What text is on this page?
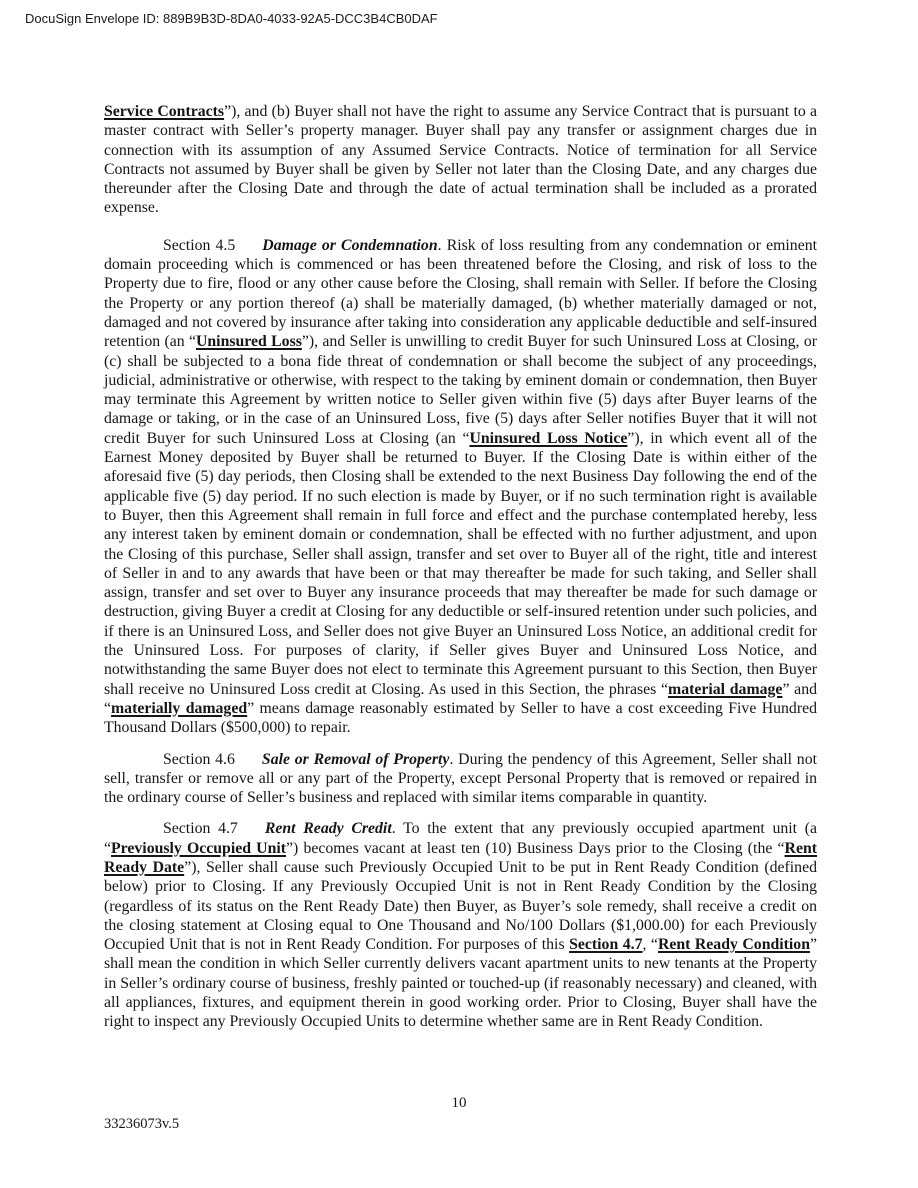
DocuSign Envelope ID: 889B9B3D-8DA0-4033-92A5-DCC3B4CB0DAF

Service Contracts”), and (b) Buyer shall not have the right to assume any Service Contract that is pursuant to a master contract with Seller’s property manager. Buyer shall pay any transfer or assignment charges due in connection with its assumption of any Assumed Service Contracts. Notice of termination for all Service Contracts not assumed by Buyer shall be given by Seller not later than the Closing Date, and any charges due thereunder after the Closing Date and through the date of actual termination shall be included as a prorated expense.

Section 4.5 Damage or Condemnation. Risk of loss resulting from any condemnation or eminent domain proceeding which is commenced or has been threatened before the Closing, and risk of loss to the Property due to fire, flood or any other cause before the Closing, shall remain with Seller. If before the Closing the Property or any portion thereof (a) shall be materially damaged, (b) whether materially damaged or not, damaged and not covered by insurance after taking into consideration any applicable deductible and self-insured retention (an “Uninsured Loss”), and Seller is unwilling to credit Buyer for such Uninsured Loss at Closing, or (c) shall be subjected to a bona fide threat of condemnation or shall become the subject of any proceedings, judicial, administrative or otherwise, with respect to the taking by eminent domain or condemnation, then Buyer may terminate this Agreement by written notice to Seller given within five (5) days after Buyer learns of the damage or taking, or in the case of an Uninsured Loss, five (5) days after Seller notifies Buyer that it will not credit Buyer for such Uninsured Loss at Closing (an “Uninsured Loss Notice”), in which event all of the Earnest Money deposited by Buyer shall be returned to Buyer. If the Closing Date is within either of the aforesaid five (5) day periods, then Closing shall be extended to the next Business Day following the end of the applicable five (5) day period. If no such election is made by Buyer, or if no such termination right is available to Buyer, then this Agreement shall remain in full force and effect and the purchase contemplated hereby, less any interest taken by eminent domain or condemnation, shall be effected with no further adjustment, and upon the Closing of this purchase, Seller shall assign, transfer and set over to Buyer all of the right, title and interest of Seller in and to any awards that have been or that may thereafter be made for such taking, and Seller shall assign, transfer and set over to Buyer any insurance proceeds that may thereafter be made for such damage or destruction, giving Buyer a credit at Closing for any deductible or self-insured retention under such policies, and if there is an Uninsured Loss, and Seller does not give Buyer an Uninsured Loss Notice, an additional credit for the Uninsured Loss. For purposes of clarity, if Seller gives Buyer and Uninsured Loss Notice, and notwithstanding the same Buyer does not elect to terminate this Agreement pursuant to this Section, then Buyer shall receive no Uninsured Loss credit at Closing. As used in this Section, the phrases “material damage” and “materially damaged” means damage reasonably estimated by Seller to have a cost exceeding Five Hundred Thousand Dollars ($500,000) to repair.

Section 4.6 Sale or Removal of Property. During the pendency of this Agreement, Seller shall not sell, transfer or remove all or any part of the Property, except Personal Property that is removed or repaired in the ordinary course of Seller’s business and replaced with similar items comparable in quantity.

Section 4.7 Rent Ready Credit. To the extent that any previously occupied apartment unit (a “Previously Occupied Unit”) becomes vacant at least ten (10) Business Days prior to the Closing (the “Rent Ready Date”), Seller shall cause such Previously Occupied Unit to be put in Rent Ready Condition (defined below) prior to Closing. If any Previously Occupied Unit is not in Rent Ready Condition by the Closing (regardless of its status on the Rent Ready Date) then Buyer, as Buyer’s sole remedy, shall receive a credit on the closing statement at Closing equal to One Thousand and No/100 Dollars ($1,000.00) for each Previously Occupied Unit that is not in Rent Ready Condition. For purposes of this Section 4.7, “Rent Ready Condition” shall mean the condition in which Seller currently delivers vacant apartment units to new tenants at the Property in Seller’s ordinary course of business, freshly painted or touched-up (if reasonably necessary) and cleaned, with all appliances, fixtures, and equipment therein in good working order. Prior to Closing, Buyer shall have the right to inspect any Previously Occupied Units to determine whether same are in Rent Ready Condition.

10
33236073v.5
